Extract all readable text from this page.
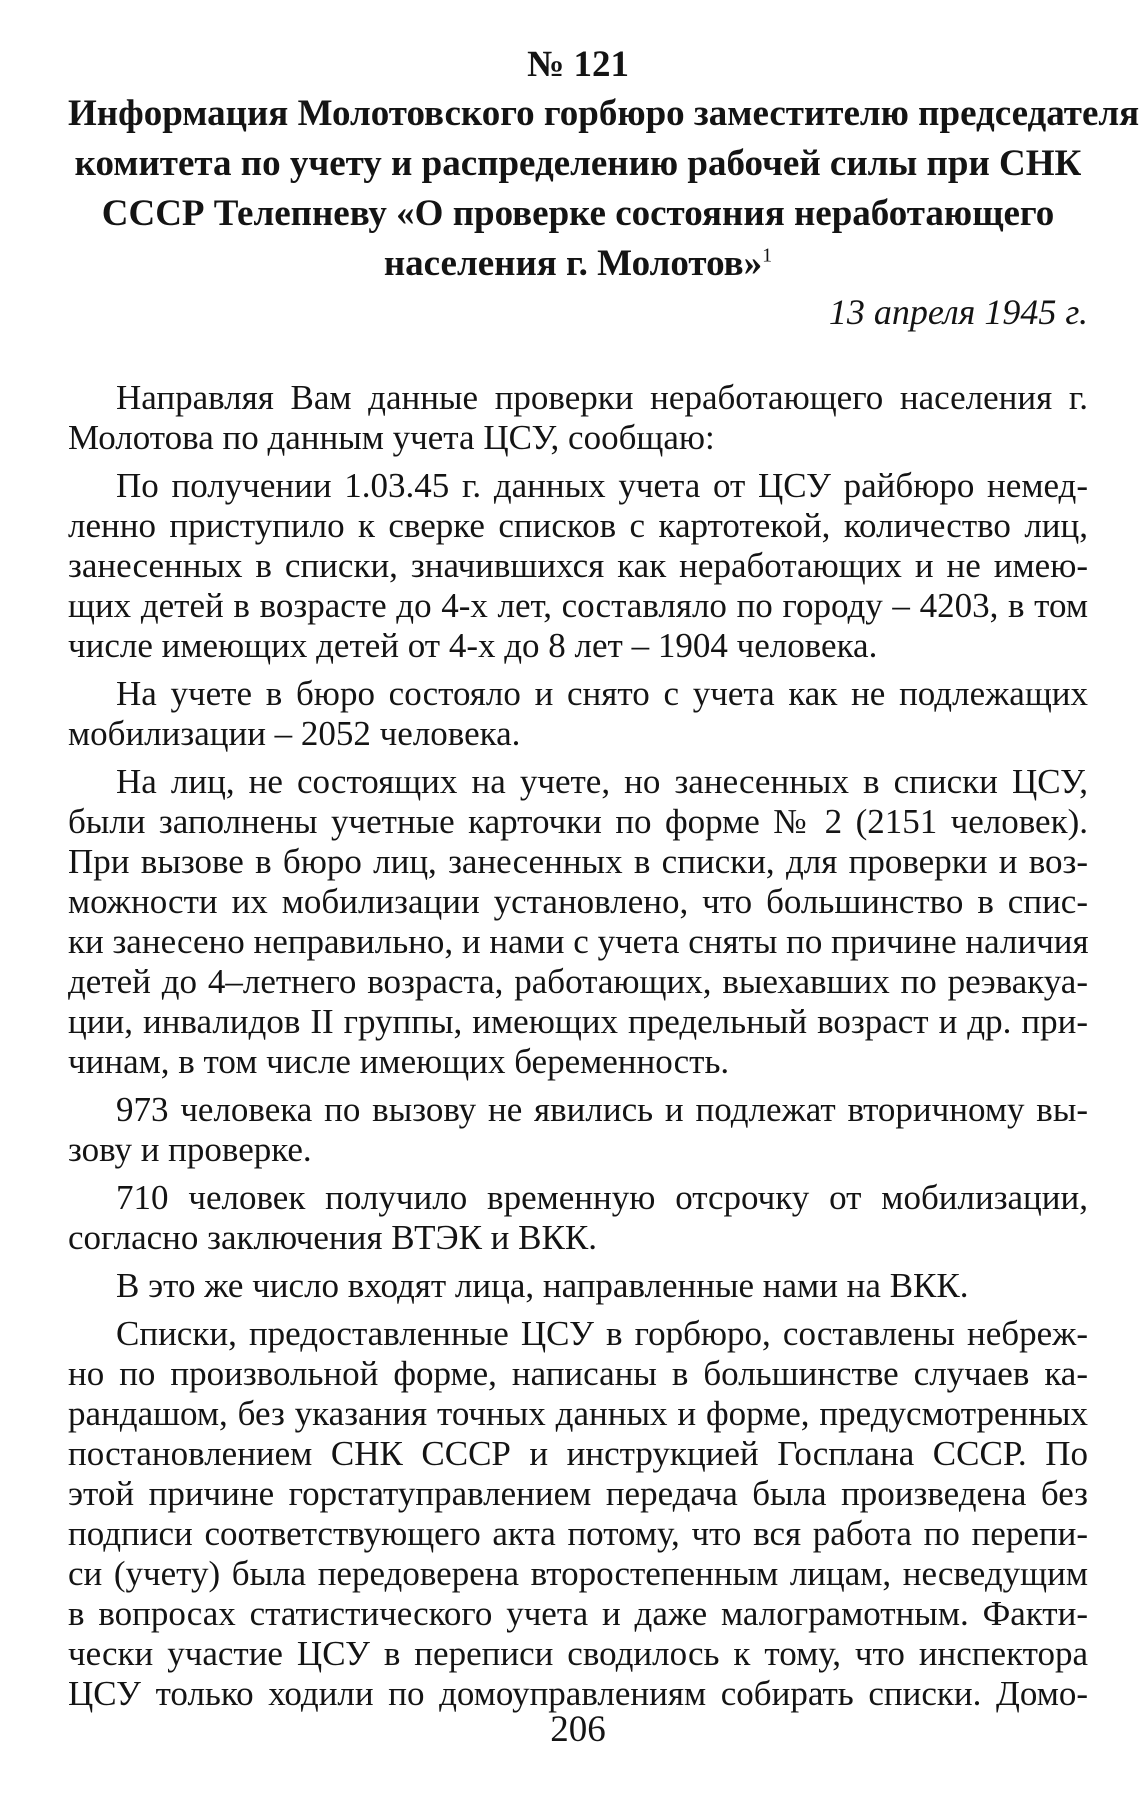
№ 121

Информация Молотовского горбюро заместителю председателя
комитета по учету и распределению рабочей силы при СНК
СССР Телепневу «О проверке состояния неработающего
населения г. Молотов»$^1$

13 апреля 1945 г.

Направляя Вам данные проверки неработающего населения г.
Молотова по данным учета ЦСУ, сообщаю:
По получении 1.03.45 г. данных учета от ЦСУ райбюро немед-
ленно приступило к сверке списков с картотекой, количество лиц,
занесенных в списки, значившихся как неработающих и не имею-
щих детей в возрасте до 4-х лет, составляло по городу – 4203, в том
числе имеющих детей от 4-х до 8 лет – 1904 человека.
На учете в бюро состояло и снято с учета как не подлежащих
мобилизации – 2052 человека.
На лиц, не состоящих на учете, но занесенных в списки ЦСУ,
были заполнены учетные карточки по форме № 2 (2151 человек).
При вызове в бюро лиц, занесенных в списки, для проверки и воз-
можности их мобилизации установлено, что большинство в спис-
ки занесено неправильно, и нами с учета сняты по причине наличия
детей до 4–летнего возраста, работающих, выехавших по реэвакуа-
ции, инвалидов II группы, имеющих предельный возраст и др. при-
чинам, в том числе имеющих беременность.
973 человека по вызову не явились и подлежат вторичному вы-
зову и проверке.
710 человек получило временную отсрочку от мобилизации,
согласно заключения ВТЭК и ВКК.
В это же число входят лица, направленные нами на ВКК.
Списки, предоставленные ЦСУ в горбюро, составлены небреж-
но по произвольной форме, написаны в большинстве случаев ка-
рандашом, без указания точных данных и форме, предусмотренных
постановлением СНК СССР и инструкцией Госплана СССР. По
этой причине горстатуправлением передача была произведена без
подписи соответствующего акта потому, что вся работа по перепи-
си (учету) была передоверена второстепенным лицам, несведущим
в вопросах статистического учета и даже малограмотным. Факти-
чески участие ЦСУ в переписи сводилось к тому, что инспектора
ЦСУ только ходили по домоуправлениям собирать списки. Домо-

206
